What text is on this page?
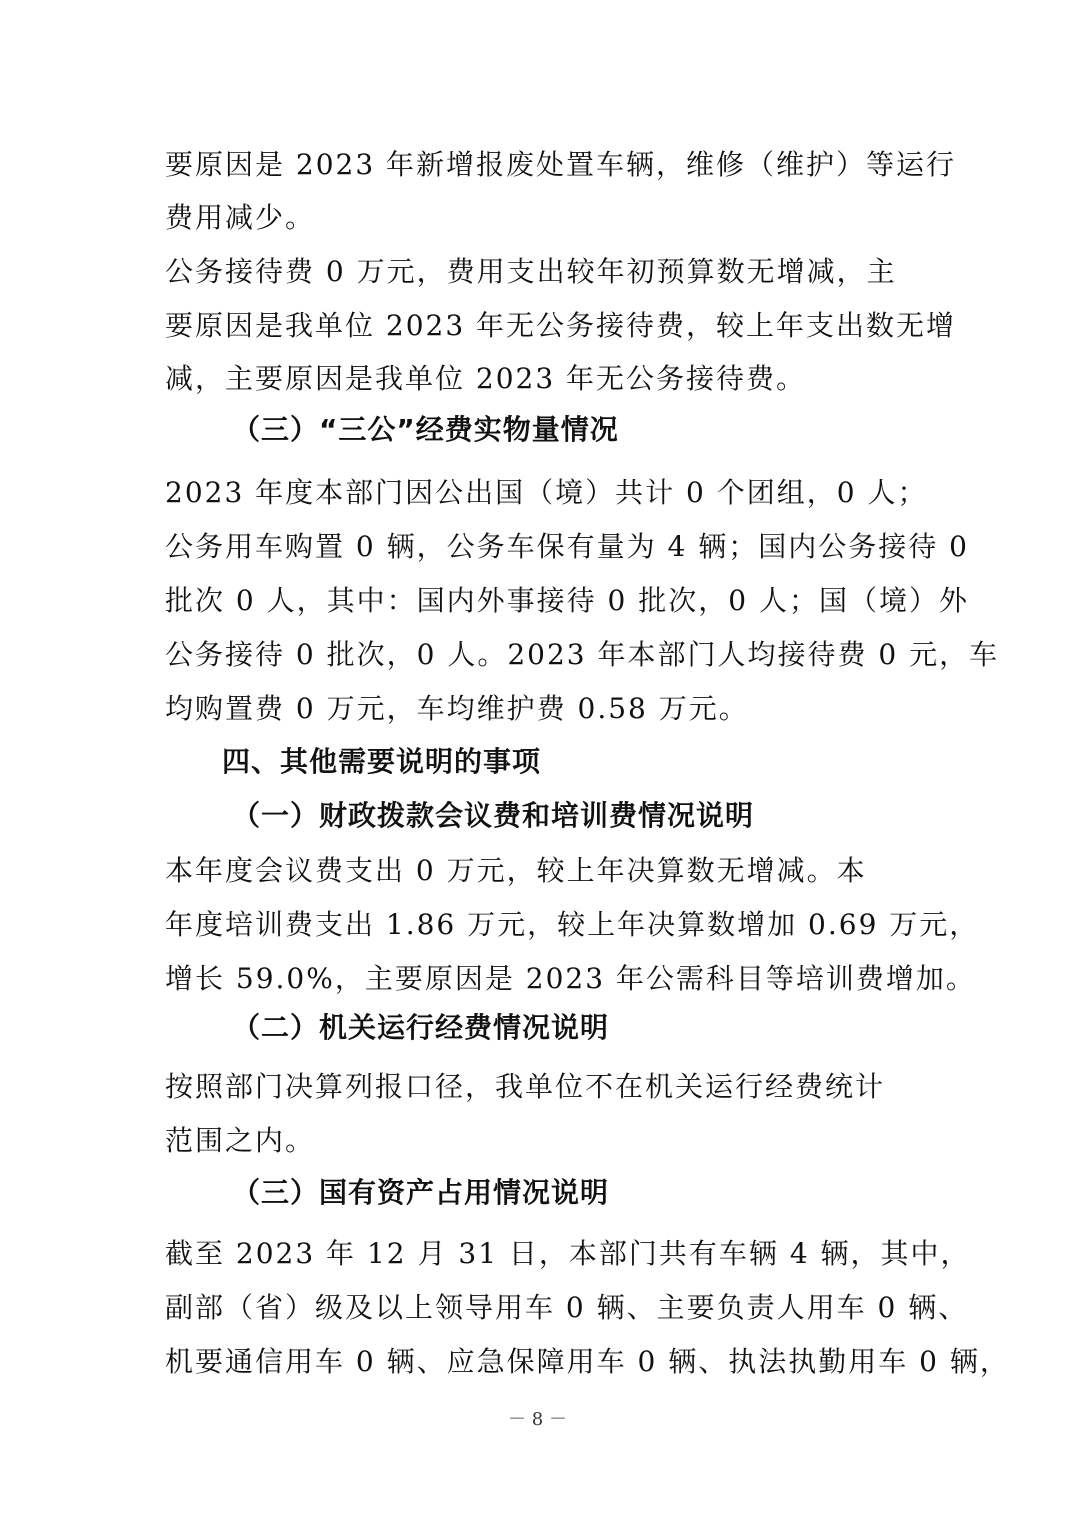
要原因是 2023 年新增报废处置车辆，维修（维护）等运行
费用减少。
公务接待费 0 万元，费用支出较年初预算数无增减，主
要原因是我单位 2023 年无公务接待费，较上年支出数无增
减，主要原因是我单位 2023 年无公务接待费。
（三）“三公”经费实物量情况
2023 年度本部门因公出国（境）共计 0 个团组，0 人；
公务用车购置 0 辆，公务车保有量为 4 辆；国内公务接待 0
批次 0 人，其中：国内外事接待 0 批次，0 人；国（境）外
公务接待 0 批次，0 人。2023 年本部门人均接待费 0 元，车
均购置费 0 万元，车均维护费 0.58 万元。
四、其他需要说明的事项
（一）财政拨款会议费和培训费情况说明
本年度会议费支出 0 万元，较上年决算数无增减。本
年度培训费支出 1.86 万元，较上年决算数增加 0.69 万元，
增长 59.0%，主要原因是 2023 年公需科目等培训费增加。
（二）机关运行经费情况说明
按照部门决算列报口径，我单位不在机关运行经费统计
范围之内。
（三）国有资产占用情况说明
截至 2023 年 12 月 31 日，本部门共有车辆 4 辆，其中，
副部（省）级及以上领导用车 0 辆、主要负责人用车 0 辆、
机要通信用车 0 辆、应急保障用车 0 辆、执法执勤用车 0 辆，
－ 8 －
